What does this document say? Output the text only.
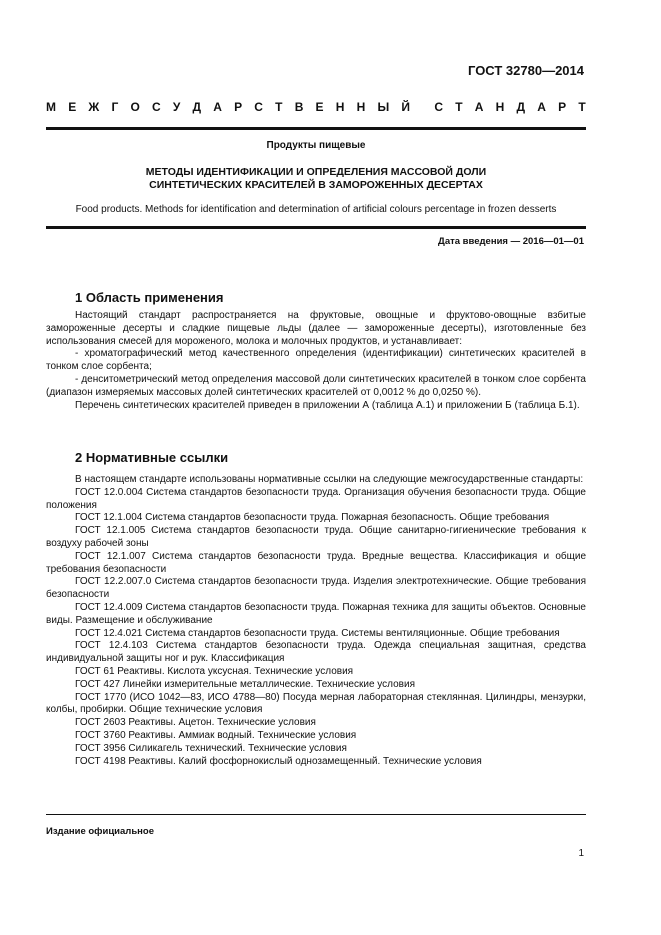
ГОСТ 32780—2014
М Е Ж Г О С У Д А Р С Т В Е Н Н Ы Й С Т А Н Д А Р Т
Продукты пищевые
МЕТОДЫ ИДЕНТИФИКАЦИИ И ОПРЕДЕЛЕНИЯ МАССОВОЙ ДОЛИ
СИНТЕТИЧЕСКИХ КРАСИТЕЛЕЙ В ЗАМОРОЖЕННЫХ ДЕСЕРТАХ
Food products. Methods for identification and determination of artificial colours percentage in frozen desserts
Дата введения — 2016—01—01
1 Область применения

Настоящий стандарт распространяется на фруктовые, овощные и фруктово-овощные взбитые замороженные десерты и сладкие пищевые льды (далее — замороженные десерты), изготовленные без использования смесей для мороженого, молока и молочных продуктов, и устанавливает:

- хроматографический метод качественного определения (идентификации) синтетических красителей в тонком слое сорбента;

- денситометрический метод определения массовой доли синтетических красителей в тонком слое сорбента (диапазон измеряемых массовых долей синтетических красителей от 0,0012 % до 0,0250 %).

Перечень синтетических красителей приведен в приложении А (таблица А.1) и приложении Б (таблица Б.1).

2 Нормативные ссылки

В настоящем стандарте использованы нормативные ссылки на следующие межгосударственные стандарты:

ГОСТ 12.0.004 Система стандартов безопасности труда. Организация обучения безопасности труда. Общие положения

ГОСТ 12.1.004 Система стандартов безопасности труда. Пожарная безопасность. Общие требования

ГОСТ 12.1.005 Система стандартов безопасности труда. Общие санитарно-гигиенические требования к воздуху рабочей зоны

ГОСТ 12.1.007 Система стандартов безопасности труда. Вредные вещества. Классификация и общие требования безопасности

ГОСТ 12.2.007.0 Система стандартов безопасности труда. Изделия электротехнические. Общие требования безопасности

ГОСТ 12.4.009 Система стандартов безопасности труда. Пожарная техника для защиты объектов. Основные виды. Размещение и обслуживание

ГОСТ 12.4.021 Система стандартов безопасности труда. Системы вентиляционные. Общие требования

ГОСТ 12.4.103 Система стандартов безопасности труда. Одежда специальная защитная, средства индивидуальной защиты ног и рук. Классификация

ГОСТ 61 Реактивы. Кислота уксусная. Технические условия

ГОСТ 427 Линейки измерительные металлические. Технические условия

ГОСТ 1770 (ИСО 1042—83, ИСО 4788—80) Посуда мерная лабораторная стеклянная. Цилиндры, мензурки, колбы, пробирки. Общие технические условия

ГОСТ 2603 Реактивы. Ацетон. Технические условия

ГОСТ 3760 Реактивы. Аммиак водный. Технические условия

ГОСТ 3956 Силикагель технический. Технические условия

ГОСТ 4198 Реактивы. Калий фосфорнокислый однозамещенный. Технические условия

Издание официальное
1
